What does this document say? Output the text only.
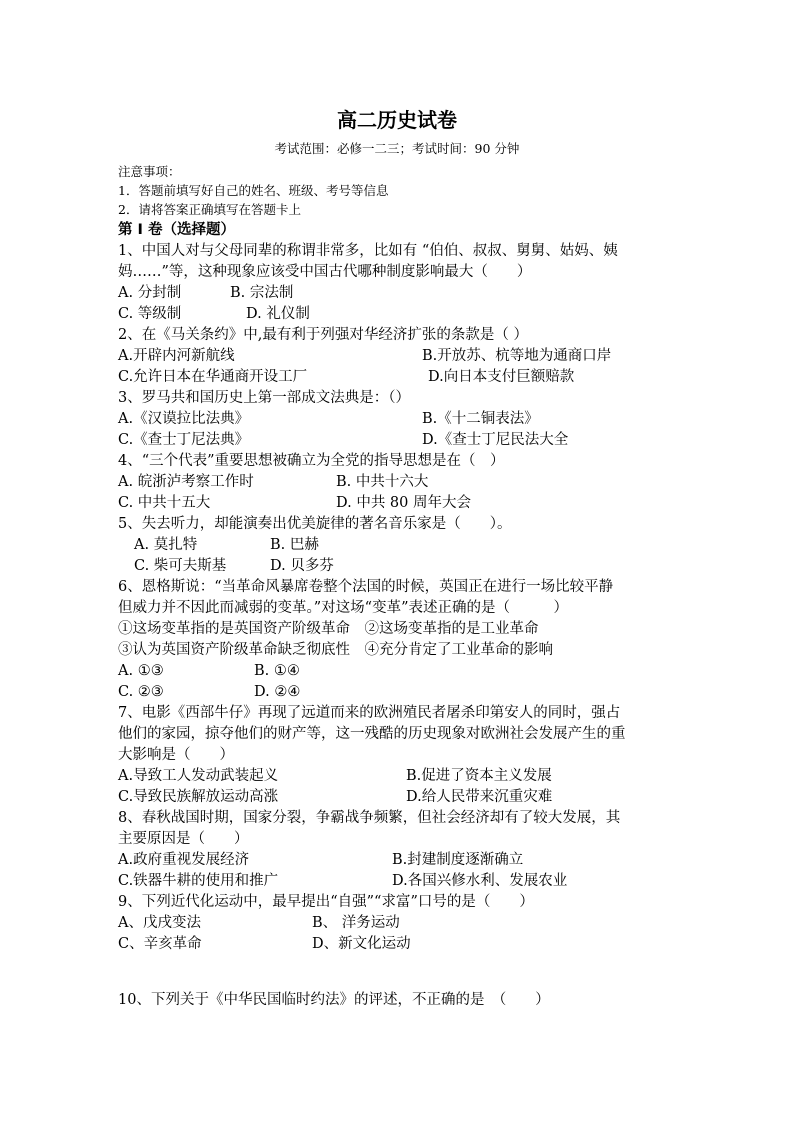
高二历史试卷
考试范围：必修一二三；考试时间：90 分钟
注意事项：
1．答题前填写好自己的姓名、班级、考号等信息
2．请将答案正确填写在答题卡上
第 I 卷（选择题）
1、中国人对与父母同辈的称谓非常多，比如有 “伯伯、叔叔、舅舅、姑妈、姨
妈……”等，这种现象应该受中国古代哪种制度影响最大（　　）
A. 分封制	B. 宗法制
C. 等级制	D. 礼仪制
2、在《马关条约》中,最有利于列强对华经济扩张的条款是（ ）
A.开辟内河新航线	B.开放苏、杭等地为通商口岸
C.允许日本在华通商开设工厂	D.向日本支付巨额赔款
3、罗马共和国历史上第一部成文法典是：（）
A.《汉谟拉比法典》	B.《十二铜表法》
C.《查士丁尼法典》	D.《查士丁尼民法大全
4、“三个代表”重要思想被确立为全党的指导思想是在（　）
A. 皖浙泸考察工作时	B. 中共十六大
C. 中共十五大	D. 中共 80 周年大会
5、失去听力，却能演奏出优美旋律的著名音乐家是（　　）。
A. 莫扎特	B. 巴赫
C. 柴可夫斯基	D. 贝多芬
6、恩格斯说：“当革命风暴席卷整个法国的时候，英国正在进行一场比较平静
但威力并不因此而减弱的变革。”对这场“变革”表述正确的是（　　　）
①这场变革指的是英国资产阶级革命　②这场变革指的是工业革命
③认为英国资产阶级革命缺乏彻底性　④充分肯定了工业革命的影响
A. ①③	B. ①④
C. ②③	D. ②④
7、电影《西部牛仔》再现了远道而来的欧洲殖民者屠杀印第安人的同时，强占
他们的家园，掠夺他们的财产等，这一残酷的历史现象对欧洲社会发展产生的重
大影响是（　　）
A.导致工人发动武装起义	B.促进了资本主义发展
C.导致民族解放运动高涨	D.给人民带来沉重灾难
8、春秋战国时期，国家分裂，争霸战争频繁，但社会经济却有了较大发展，其
主要原因是（　　）
A.政府重视发展经济	B.封建制度逐渐确立
C.铁器牛耕的使用和推广	D.各国兴修水利、发展农业
9、下列近代化运动中，最早提出“自强”“求富”口号的是（　　）
A、戊戌变法	B、 洋务运动
C、辛亥革命	D、新文化运动
10、下列关于《中华民国临时约法》的评述，不正确的是　（　　）
